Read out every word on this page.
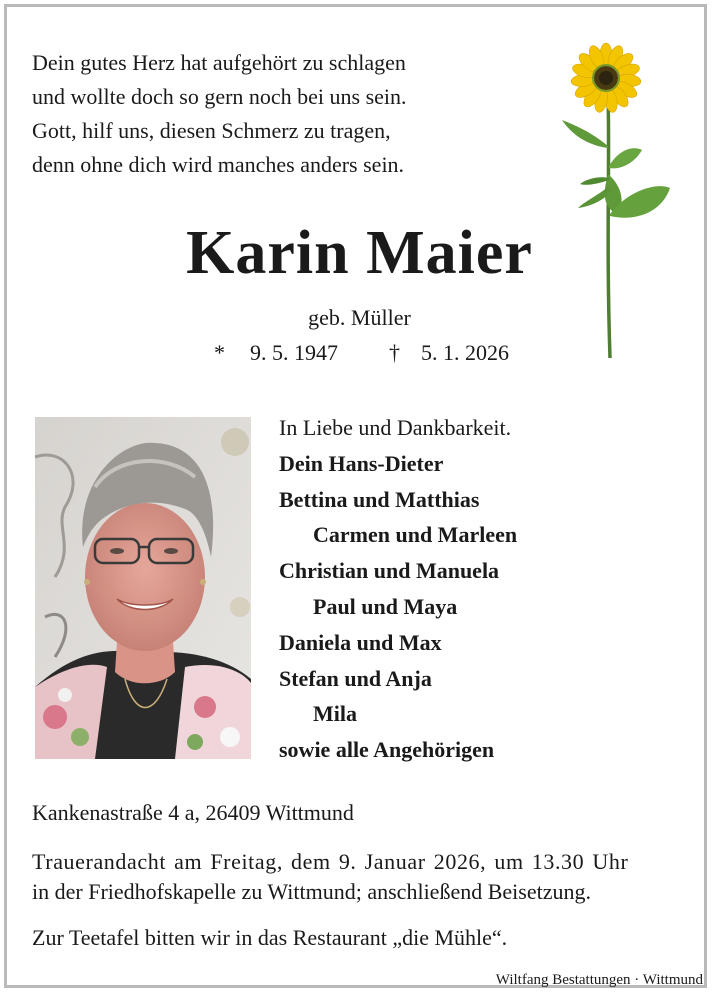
Dein gutes Herz hat aufgehört zu schlagen
und wollte doch so gern noch bei uns sein.
Gott, hilf uns, diesen Schmerz zu tragen,
denn ohne dich wird manches anders sein.
Karin Maier
geb. Müller
* 9. 5. 1947 † 5. 1. 2026
In Liebe und Dankbarkeit.
Dein Hans-Dieter
Bettina und Matthias
Carmen und Marleen
Christian und Manuela
Paul und Maya
Daniela und Max
Stefan und Anja
Mila
sowie alle Angehörigen
Kankenastraße 4 a, 26409 Wittmund
Trauerandacht am Freitag, dem 9. Januar 2026, um 13.30 Uhr
in der Friedhofskapelle zu Wittmund; anschließend Beisetzung.
Zur Teetafel bitten wir in das Restaurant „die Mühle“.
Wiltfang Bestattungen · Wittmund
